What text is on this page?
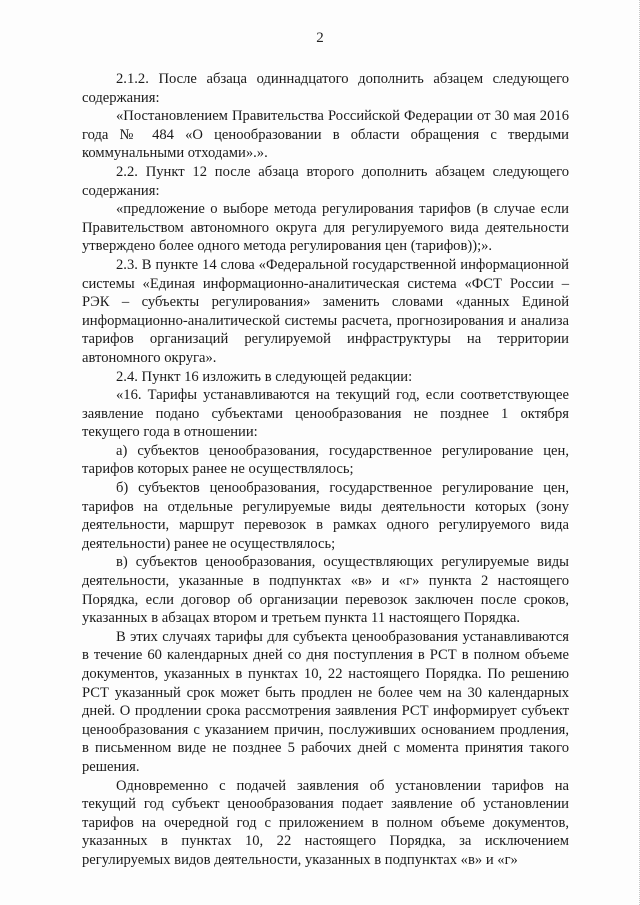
2

2.1.2. После абзаца одиннадцатого дополнить абзацем следующего содержания:

«Постановлением Правительства Российской Федерации от 30 мая 2016 года № 484 «О ценообразовании в области обращения с твердыми коммунальными отходами».».

2.2. Пункт 12 после абзаца второго дополнить абзацем следующего содержания:

«предложение о выборе метода регулирования тарифов (в случае если Правительством автономного округа для регулируемого вида деятельности утверждено более одного метода регулирования цен (тарифов));».

2.3. В пункте 14 слова «Федеральной государственной информационной системы «Единая информационно-аналитическая система «ФСТ России – РЭК – субъекты регулирования» заменить словами «данных Единой информационно-аналитической системы расчета, прогнозирования и анализа тарифов организаций регулируемой инфраструктуры на территории автономного округа».

2.4. Пункт 16 изложить в следующей редакции:

«16. Тарифы устанавливаются на текущий год, если соответствующее заявление подано субъектами ценообразования не позднее 1 октября текущего года в отношении:

а) субъектов ценообразования, государственное регулирование цен, тарифов которых ранее не осуществлялось;

б) субъектов ценообразования, государственное регулирование цен, тарифов на отдельные регулируемые виды деятельности которых (зону деятельности, маршрут перевозок в рамках одного регулируемого вида деятельности) ранее не осуществлялось;

в) субъектов ценообразования, осуществляющих регулируемые виды деятельности, указанные в подпунктах «в» и «г» пункта 2 настоящего Порядка, если договор об организации перевозок заключен после сроков, указанных в абзацах втором и третьем пункта 11 настоящего Порядка.

В этих случаях тарифы для субъекта ценообразования устанавливаются в течение 60 календарных дней со дня поступления в РСТ в полном объеме документов, указанных в пунктах 10, 22 настоящего Порядка. По решению РСТ указанный срок может быть продлен не более чем на 30 календарных дней. О продлении срока рассмотрения заявления РСТ информирует субъект ценообразования с указанием причин, послуживших основанием продления, в письменном виде не позднее 5 рабочих дней с момента принятия такого решения.

Одновременно с подачей заявления об установлении тарифов на текущий год субъект ценообразования подает заявление об установлении тарифов на очередной год с приложением в полном объеме документов, указанных в пунктах 10, 22 настоящего Порядка, за исключением регулируемых видов деятельности, указанных в подпунктах «в» и «г»
